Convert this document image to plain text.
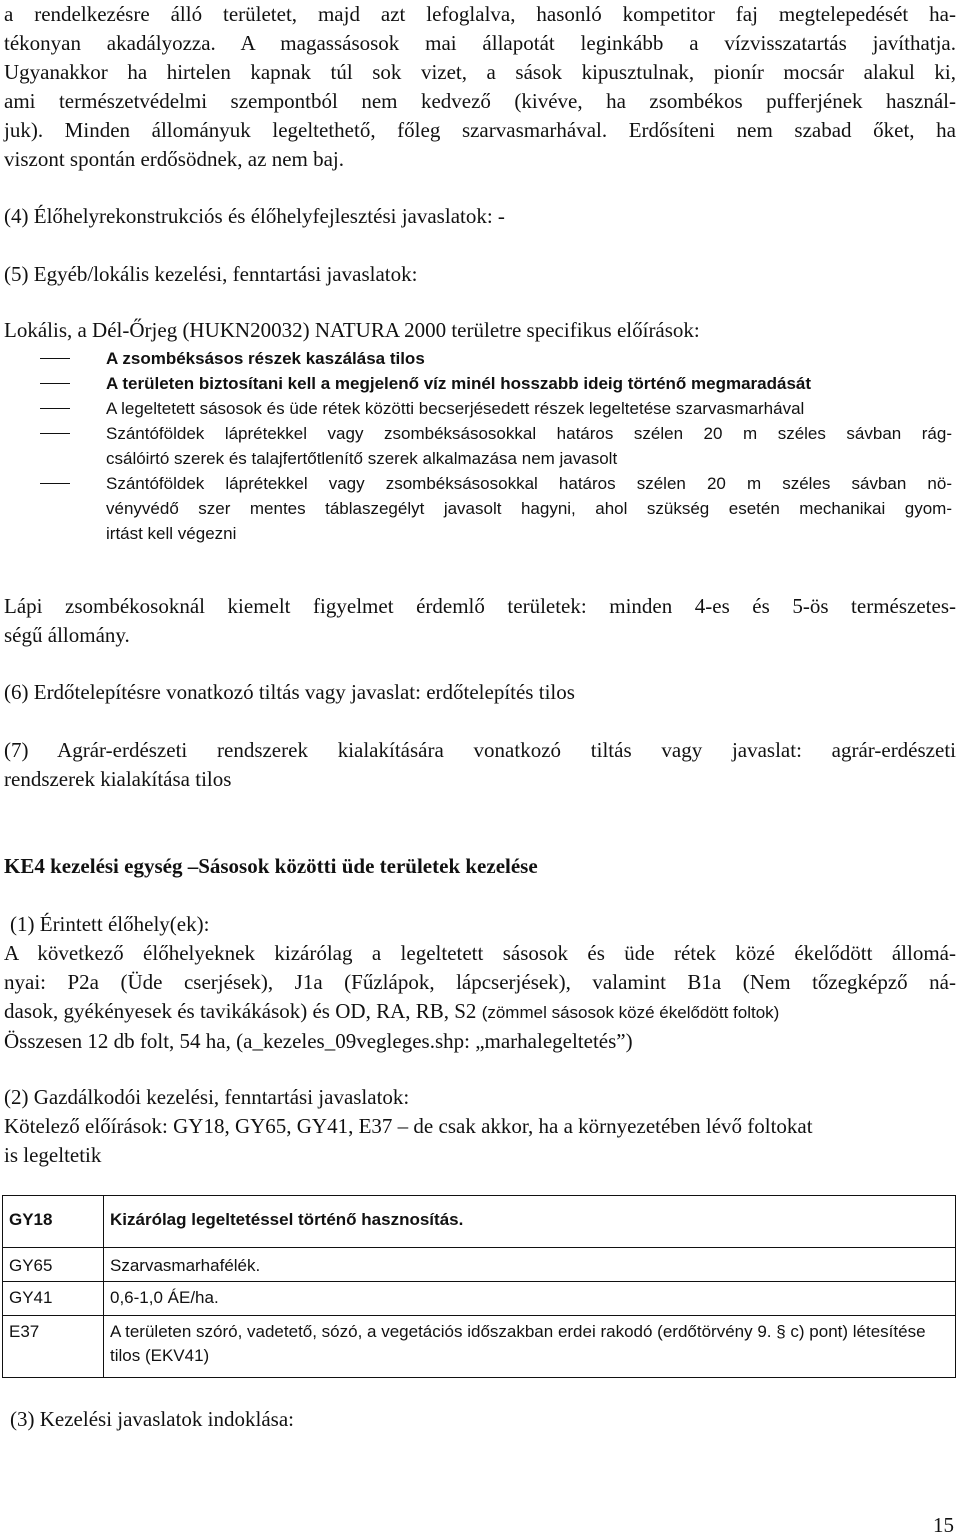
a rendelkezésre álló területet, majd azt lefoglalva, hasonló kompetitor faj megtelepedését ha-
tékonyan akadályozza. A magassásosok mai állapotát leginkább a vízvisszatartás javíthatja.
Ugyanakkor ha hirtelen kapnak túl sok vizet, a sások kipusztulnak, pionír mocsár alakul ki,
ami természetvédelmi szempontból nem kedvező (kivéve, ha zsombékos pufferjének használ-
juk). Minden állományuk legeltethető, főleg szarvasmarhával. Erdősíteni nem szabad őket, ha
viszont spontán erdősödnek, az nem baj.
(4) Élőhelyrekonstrukciós és élőhelyfejlesztési javaslatok: -
(5) Egyéb/lokális kezelési, fenntartási javaslatok:
Lokális, a Dél-Őrjeg (HUKN20032) NATURA 2000 területre specifikus előírások:
A zsombéksásos részek kaszálása tilos
A területen biztosítani kell a megjelenő víz minél hosszabb ideig történő megmaradását
A legeltetett sásosok és üde rétek közötti becserjésedett részek legeltetése szarvasmarhával
Szántóföldek láprétekkel vagy zsombéksásosokkal határos szélen 20 m széles sávban rág-
csálóirtó szerek és talajfertőtlenítő szerek alkalmazása nem javasolt
Szántóföldek láprétekkel vagy zsombéksásosokkal határos szélen 20 m széles sávban nö-
vényvédő szer mentes táblaszegélyt javasolt hagyni, ahol szükség esetén mechanikai gyom-
irtást kell végezni
Lápi zsombékosoknál kiemelt figyelmet érdemlő területek: minden 4-es és 5-ös természetes-
ségű állomány.
(6) Erdőtelepítésre vonatkozó tiltás vagy javaslat: erdőtelepítés tilos
(7) Agrár-erdészeti rendszerek kialakítására vonatkozó tiltás vagy javaslat: agrár-erdészeti
rendszerek kialakítása tilos
KE4 kezelési egység –Sásosok közötti üde területek kezelése
(1) Érintett élőhely(ek):
A következő élőhelyeknek kizárólag a legeltetett sásosok és üde rétek közé ékelődött állomá-
nyai: P2a (Üde cserjések), J1a (Fűzlápok, lápcserjések), valamint B1a (Nem tőzegképző ná-
dasok, gyékényesek és tavikákások) és OD, RA, RB, S2 (zömmel sásosok közé ékelődött foltok)
Összesen 12 db folt, 54 ha, (a_kezeles_09vegleges.shp: „marhalegeltetés”)
(2) Gazdálkodói kezelési, fenntartási javaslatok:
Kötelező előírások: GY18, GY65, GY41, E37 – de csak akkor, ha a környezetében lévő foltokat
is legeltetik
GY18	Kizárólag legeltetéssel történő hasznosítás.
GY65	Szarvasmarhafélék.
GY41	0,6-1,0 ÁE/ha.
E37	A területen szóró, vadetető, sózó, a vegetációs időszakban erdei rakodó (erdőtörvény 9. § c) pont) létesítése tilos (EKV41)
(3) Kezelési javaslatok indoklása:
15
